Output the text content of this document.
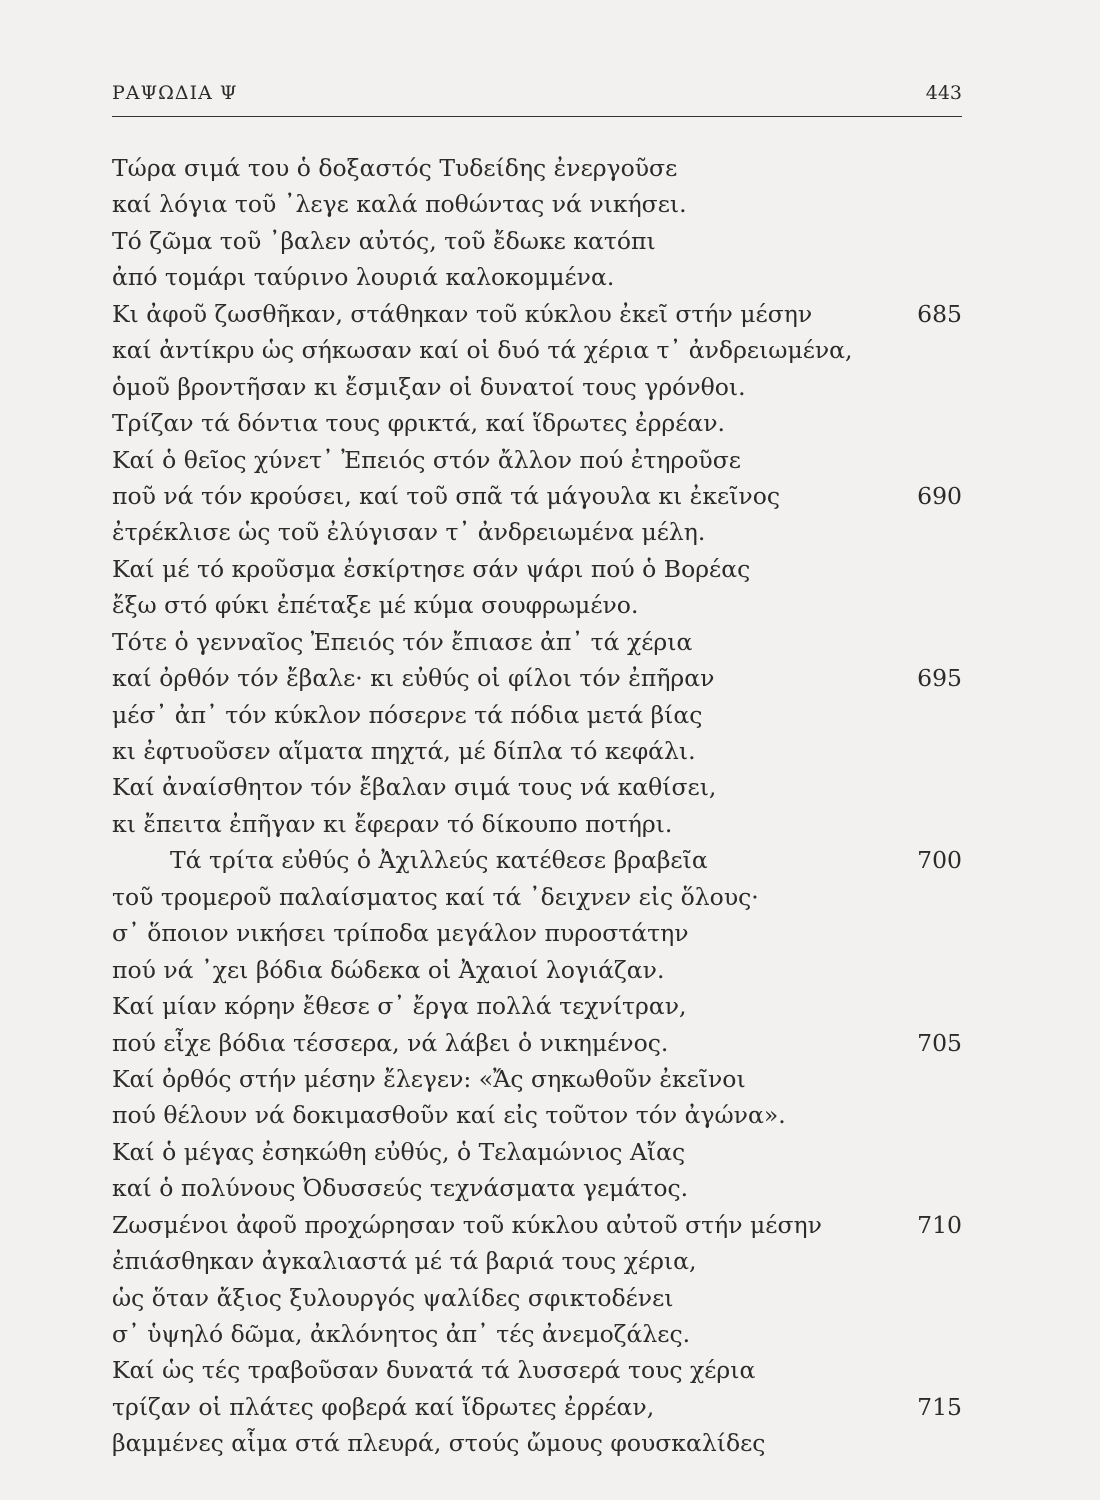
ΡΑΨΩΔΙΑ Ψ	443
Τώρα σιμά του ὁ δοξαστός Τυδείδης ἐνεργοῦσε
καί λόγια τοῦ ᾿λεγε καλά ποθώντας νά νικήσει.
Τό ζῶμα τοῦ ᾿βαλεν αὐτός, τοῦ ἔδωκε κατόπι
ἀπό τομάρι ταύρινο λουριά καλοκομμένα.
Κι ἀφοῦ ζωσθῆκαν, στάθηκαν τοῦ κύκλου ἐκεῖ στήν μέσην	685
καί ἀντίκρυ ὡς σήκωσαν καί οἱ δυό τά χέρια τ᾿ ἀνδρειωμένα,
ὁμοῦ βροντῆσαν κι ἔσμιξαν οἱ δυνατοί τους γρόνθοι.
Τρίζαν τά δόντια τους φρικτά, καί ἵδρωτες ἐρρέαν.
Καί ὁ θεῖος χύνετ᾿ Ἐπειός στόν ἄλλον πού ἐτηροῦσε
ποῦ νά τόν κρούσει, καί τοῦ σπᾶ τά μάγουλα κι ἐκεῖνος	690
ἐτρέκλισε ὡς τοῦ ἐλύγισαν τ᾿ ἀνδρειωμένα μέλη.
Καί μέ τό κροῦσμα ἐσκίρτησε σάν ψάρι πού ὁ Βορέας
ἔξω στό φύκι ἐπέταξε μέ κύμα σουφρωμένο.
Τότε ὁ γενναῖος Ἐπειός τόν ἔπιασε ἀπ᾿ τά χέρια
καί ὀρθόν τόν ἔβαλε· κι εὐθύς οἱ φίλοι τόν ἐπῆραν	695
μέσ᾿ ἀπ᾿ τόν κύκλον πόσερνε τά πόδια μετά βίας
κι ἐφτυοῦσεν αἵματα πηχτά, μέ δίπλα τό κεφάλι.
Καί ἀναίσθητον τόν ἔβαλαν σιμά τους νά καθίσει,
κι ἔπειτα ἐπῆγαν κι ἔφεραν τό δίκουπο ποτήρι.
Τά τρίτα εὐθύς ὁ Ἀχιλλεύς κατέθεσε βραβεῖα	700
τοῦ τρομεροῦ παλαίσματος καί τά ᾿δειχνεν εἰς ὅλους·
σ᾿ ὅποιον νικήσει τρίποδα μεγάλον πυροστάτην
πού νά ᾿χει βόδια δώδεκα οἱ Ἀχαιοί λογιάζαν.
Καί μίαν κόρην ἔθεσε σ᾿ ἔργα πολλά τεχνίτραν,
πού εἶχε βόδια τέσσερα, νά λάβει ὁ νικημένος.	705
Καί ὀρθός στήν μέσην ἔλεγεν: «Ἄς σηκωθοῦν ἐκεῖνοι
πού θέλουν νά δοκιμασθοῦν καί εἰς τοῦτον τόν ἀγώνα».
Καί ὁ μέγας ἐσηκώθη εὐθύς, ὁ Τελαμώνιος Αἴας
καί ὁ πολύνους Ὀδυσσεύς τεχνάσματα γεμάτος.
Ζωσμένοι ἀφοῦ προχώρησαν τοῦ κύκλου αὐτοῦ στήν μέσην	710
ἐπιάσθηκαν ἀγκαλιαστά μέ τά βαριά τους χέρια,
ὡς ὅταν ἄξιος ξυλουργός ψαλίδες σφικτοδένει
σ᾿ ὑψηλό δῶμα, ἀκλόνητος ἀπ᾿ τές ἀνεμοζάλες.
Καί ὡς τές τραβοῦσαν δυνατά τά λυσσερά τους χέρια
τρίζαν οἱ πλάτες φοβερά καί ἵδρωτες ἐρρέαν,	715
βαμμένες αἷμα στά πλευρά, στούς ὤμους φουσκαλίδες
